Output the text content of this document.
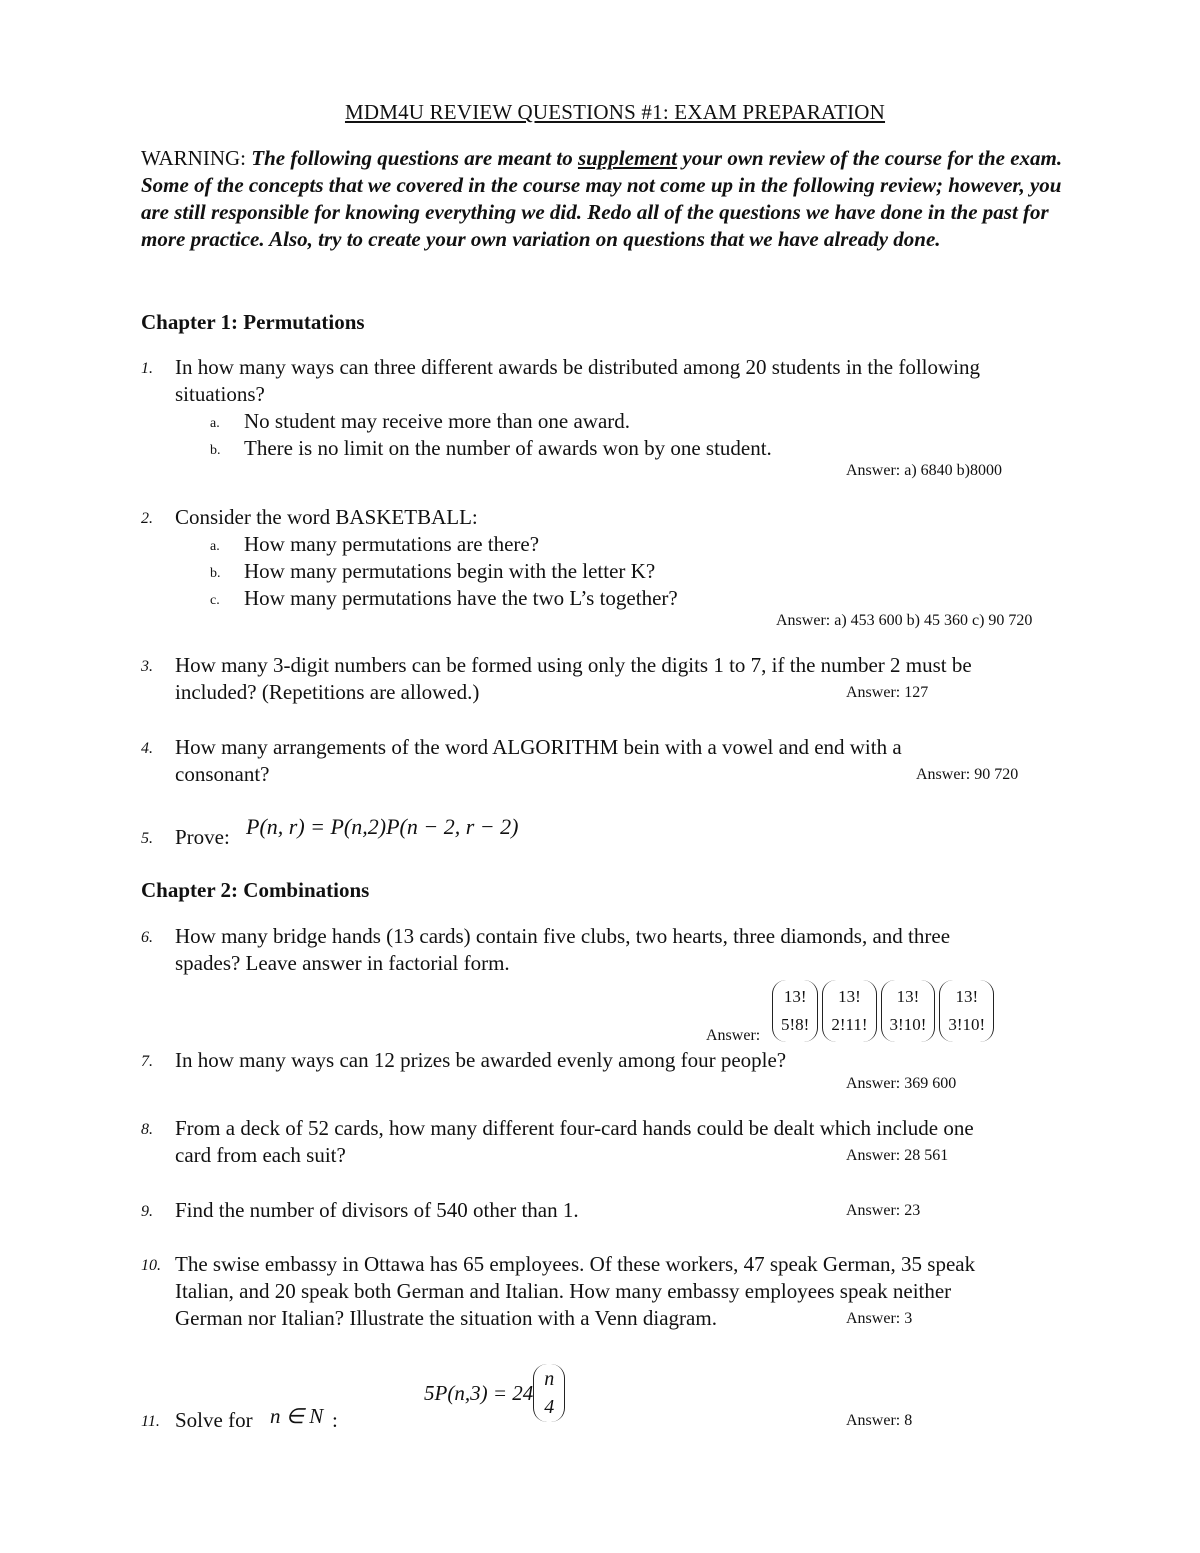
MDM4U REVIEW QUESTIONS #1: EXAM PREPARATION
WARNING: The following questions are meant to supplement your own review of the course for the exam. Some of the concepts that we covered in the course may not come up in the following review; however, you are still responsible for knowing everything we did. Redo all of the questions we have done in the past for more practice. Also, try to create your own variation on questions that we have already done.
Chapter 1: Permutations
1. In how many ways can three different awards be distributed among 20 students in the following
situations?
a. No student may receive more than one award.
b. There is no limit on the number of awards won by one student.
Answer: a) 6840 b)8000
2. Consider the word BASKETBALL:
a. How many permutations are there?
b. How many permutations begin with the letter K?
c. How many permutations have the two L’s together?
Answer: a) 453 600 b) 45 360 c) 90 720
3. How many 3-digit numbers can be formed using only the digits 1 to 7, if the number 2 must be
included? (Repetitions are allowed.)	Answer: 127
4. How many arrangements of the word ALGORITHM bein with a vowel and end with a
consonant?	Answer: 90 720
5. Prove: P(n, r) = P(n,2)P(n − 2, r − 2)
Chapter 2: Combinations
6. How many bridge hands (13 cards) contain five clubs, two hearts, three diamonds, and three
spades? Leave answer in factorial form.
Answer:
13!
5!8!
13!
2!11!
13!
3!10!
13!
3!10!
7. In how many ways can 12 prizes be awarded evenly among four people?
Answer: 369 600
8. From a deck of 52 cards, how many different four-card hands could be dealt which include one
card from each suit?	Answer: 28 561
9. Find the number of divisors of 540 other than 1.	Answer: 23
10. The swise embassy in Ottawa has 65 employees. Of these workers, 47 speak German, 35 speak
Italian, and 20 speak both German and Italian. How many embassy employees speak neither
German nor Italian? Illustrate the situation with a Venn diagram.	Answer: 3
5P(n,3) = 24
n
4
11. Solve for n ∈ N :	Answer: 8
